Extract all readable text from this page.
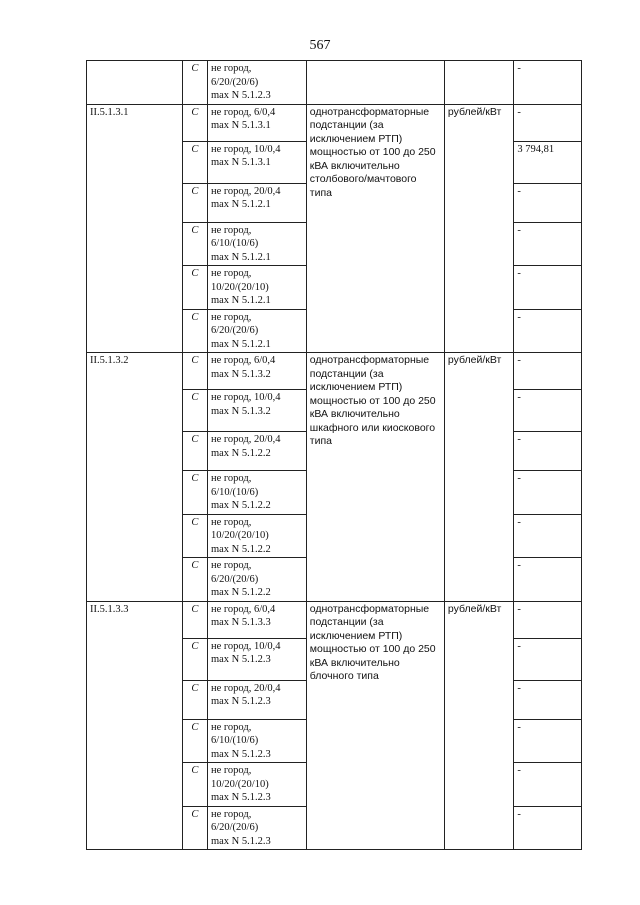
567
	C	не город,
6/20/(20/6)
max N 5.1.2.3			-
II.5.1.3.1	C	не город, 6/0,4
max N 5.1.3.1	однотрансформаторные подстанции (за исключением РТП) мощностью от 100 до 250 кВА включительно столбового/мачтового типа	рублей/кВт	-
	C	не город, 10/0,4
max N 5.1.3.1			3 794,81
	C	не город, 20/0,4
max N 5.1.2.1			-
	C	не город,
6/10/(10/6)
max N 5.1.2.1			-
	C	не город,
10/20/(20/10)
max N 5.1.2.1			-
	C	не город,
6/20/(20/6)
max N 5.1.2.1			-
II.5.1.3.2	C	не город, 6/0,4
max N 5.1.3.2	однотрансформаторные подстанции (за исключением РТП) мощностью от 100 до 250 кВА включительно шкафного или киоскового типа	рублей/кВт	-
	C	не город, 10/0,4
max N 5.1.3.2			-
	C	не город, 20/0,4
max N 5.1.2.2			-
	C	не город,
6/10/(10/6)
max N 5.1.2.2			-
	C	не город,
10/20/(20/10)
max N 5.1.2.2			-
	C	не город,
6/20/(20/6)
max N 5.1.2.2			-
II.5.1.3.3	C	не город, 6/0,4
max N 5.1.3.3	однотрансформаторные подстанции (за исключением РТП) мощностью от 100 до 250 кВА включительно блочного типа	рублей/кВт	-
	C	не город, 10/0,4
max N 5.1.2.3			-
	C	не город, 20/0,4
max N 5.1.2.3			-
	C	не город,
6/10/(10/6)
max N 5.1.2.3			-
	C	не город,
10/20/(20/10)
max N 5.1.2.3			-
	C	не город,
6/20/(20/6)
max N 5.1.2.3			-
